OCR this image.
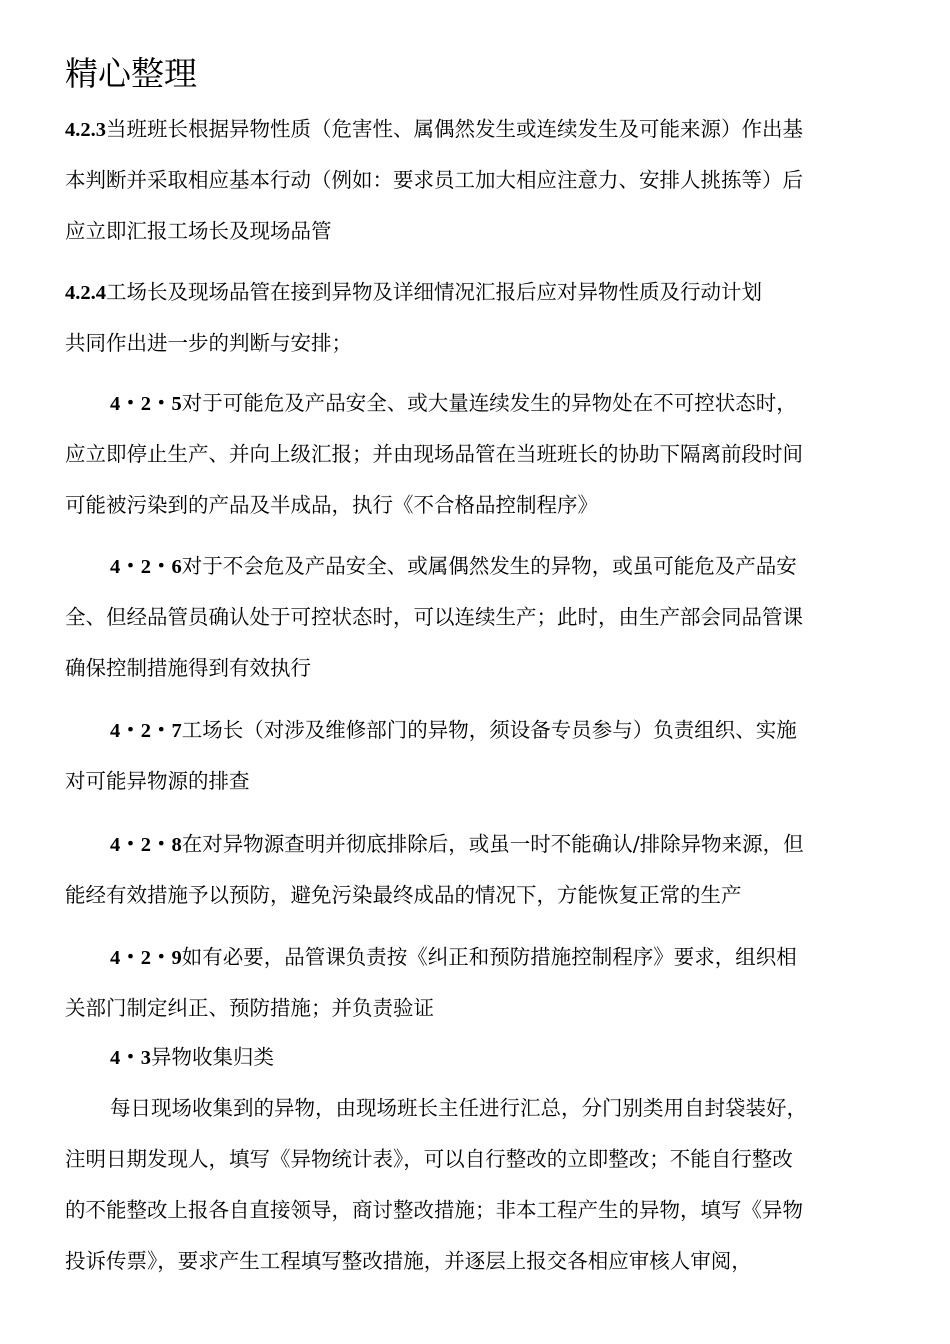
精心整理
4.2.3当班班长根据异物性质（危害性、属偶然发生或连续发生及可能来源）作出基
本判断并采取相应基本行动（例如：要求员工加大相应注意力、安排人挑拣等）后
应立即汇报工场长及现场品管
4.2.4工场长及现场品管在接到异物及详细情况汇报后应对异物性质及行动计划
共同作出进一步的判断与安排；
4・2・5对于可能危及产品安全、或大量连续发生的异物处在不可控状态时，
应立即停止生产、并向上级汇报；并由现场品管在当班班长的协助下隔离前段时间
可能被污染到的产品及半成品，执行《不合格品控制程序》
4・2・6对于不会危及产品安全、或属偶然发生的异物，或虽可能危及产品安
全、但经品管员确认处于可控状态时，可以连续生产；此时，由生产部会同品管课
确保控制措施得到有效执行
4・2・7工场长（对涉及维修部门的异物，须设备专员参与）负责组织、实施
对可能异物源的排查
4・2・8在对异物源查明并彻底排除后，或虽一时不能确认/排除异物来源，但
能经有效措施予以预防，避免污染最终成品的情况下，方能恢复正常的生产
4・2・9如有必要，品管课负责按《纠正和预防措施控制程序》要求，组织相
关部门制定纠正、预防措施；并负责验证
4・3异物收集归类
每日现场收集到的异物，由现场班长主任进行汇总，分门别类用自封袋装好，
注明日期发现人，填写《异物统计表》，可以自行整改的立即整改；不能自行整改
的不能整改上报各自直接领导，商讨整改措施；非本工程产生的异物，填写《异物
投诉传票》，要求产生工程填写整改措施，并逐层上报交各相应审核人审阅，
